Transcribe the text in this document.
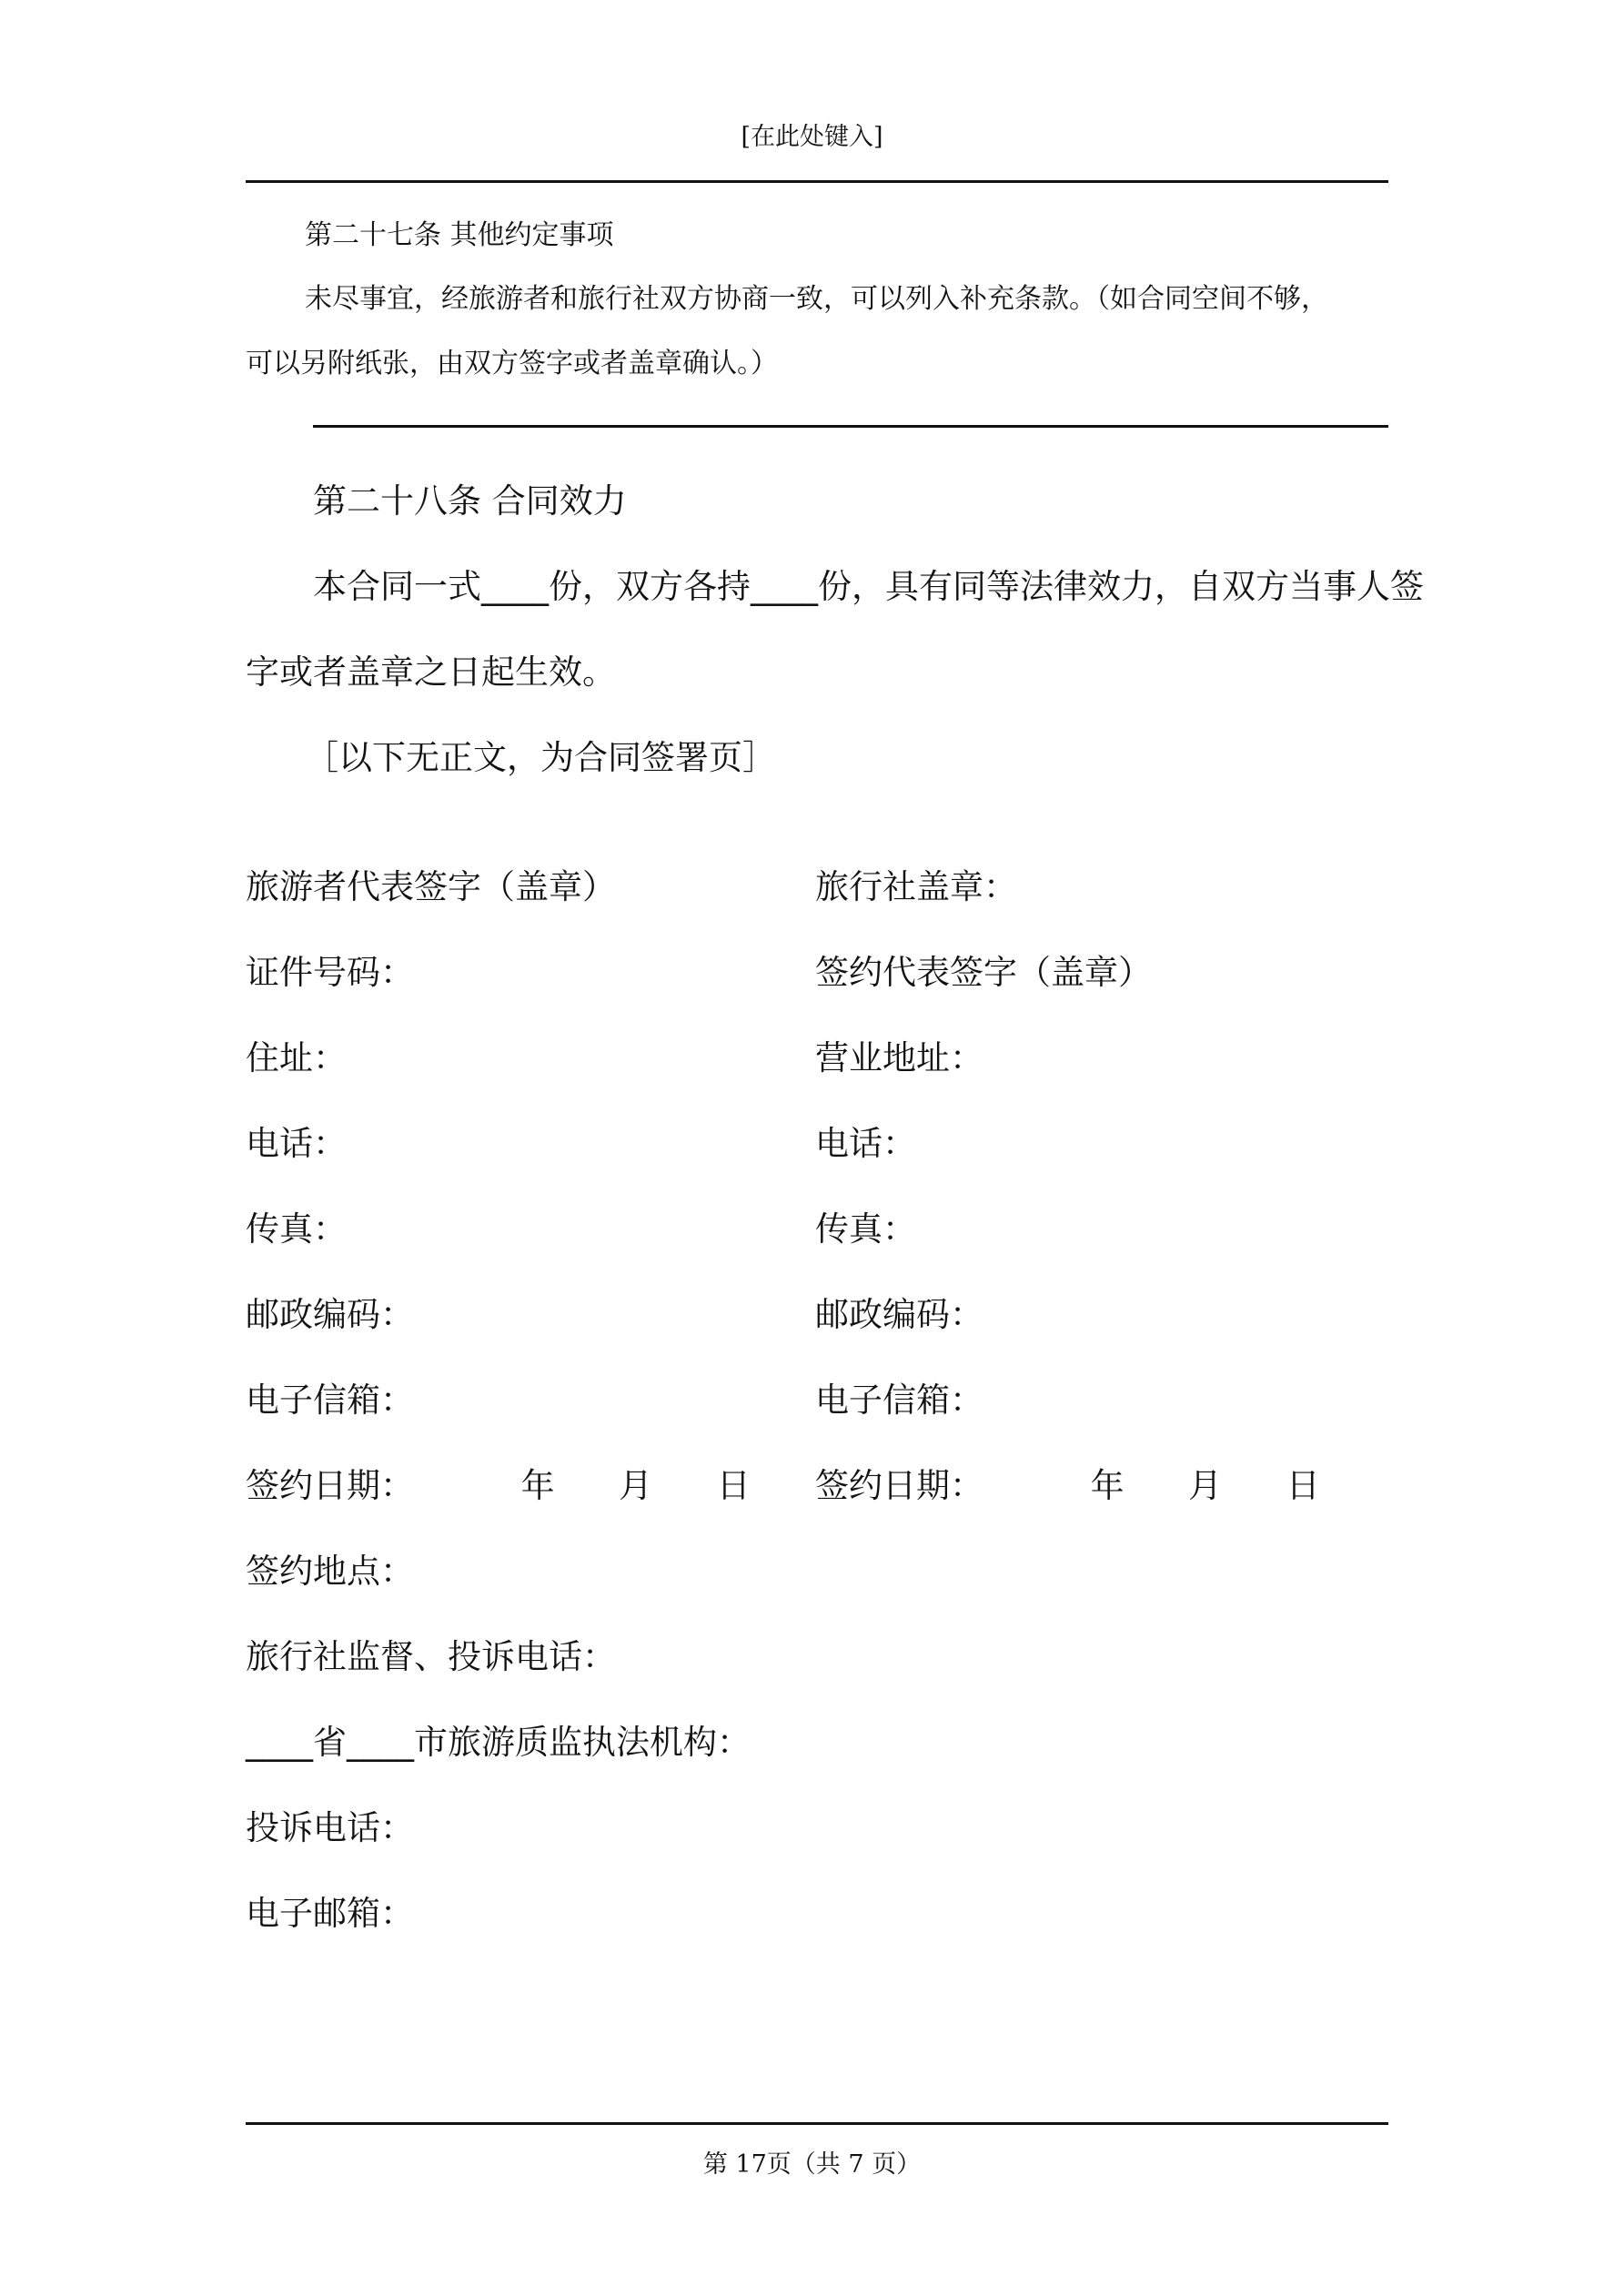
[在此处键入]
第二十七条 其他约定事项
未尽事宜，经旅游者和旅行社双方协商一致，可以列入补充条款。（如合同空间不够，
可以另附纸张，由双方签字或者盖章确认。）
第二十八条 合同效力
本合同一式____份，双方各持____份，具有同等法律效力，自双方当事人签
字或者盖章之日起生效。
［以下无正文，为合同签署页］
旅游者代表签字（盖章）
证件号码：
住址：
电话：
传真：
邮政编码：
电子信箱：
签约日期：          年      月      日
旅行社盖章：
签约代表签字（盖章）
营业地址：
电话：
传真：
邮政编码：
电子信箱：
签约日期：          年      月      日
签约地点：
旅行社监督、投诉电话：
____省____市旅游质监执法机构：
投诉电话：
电子邮箱：
第 17页（共 7 页）
